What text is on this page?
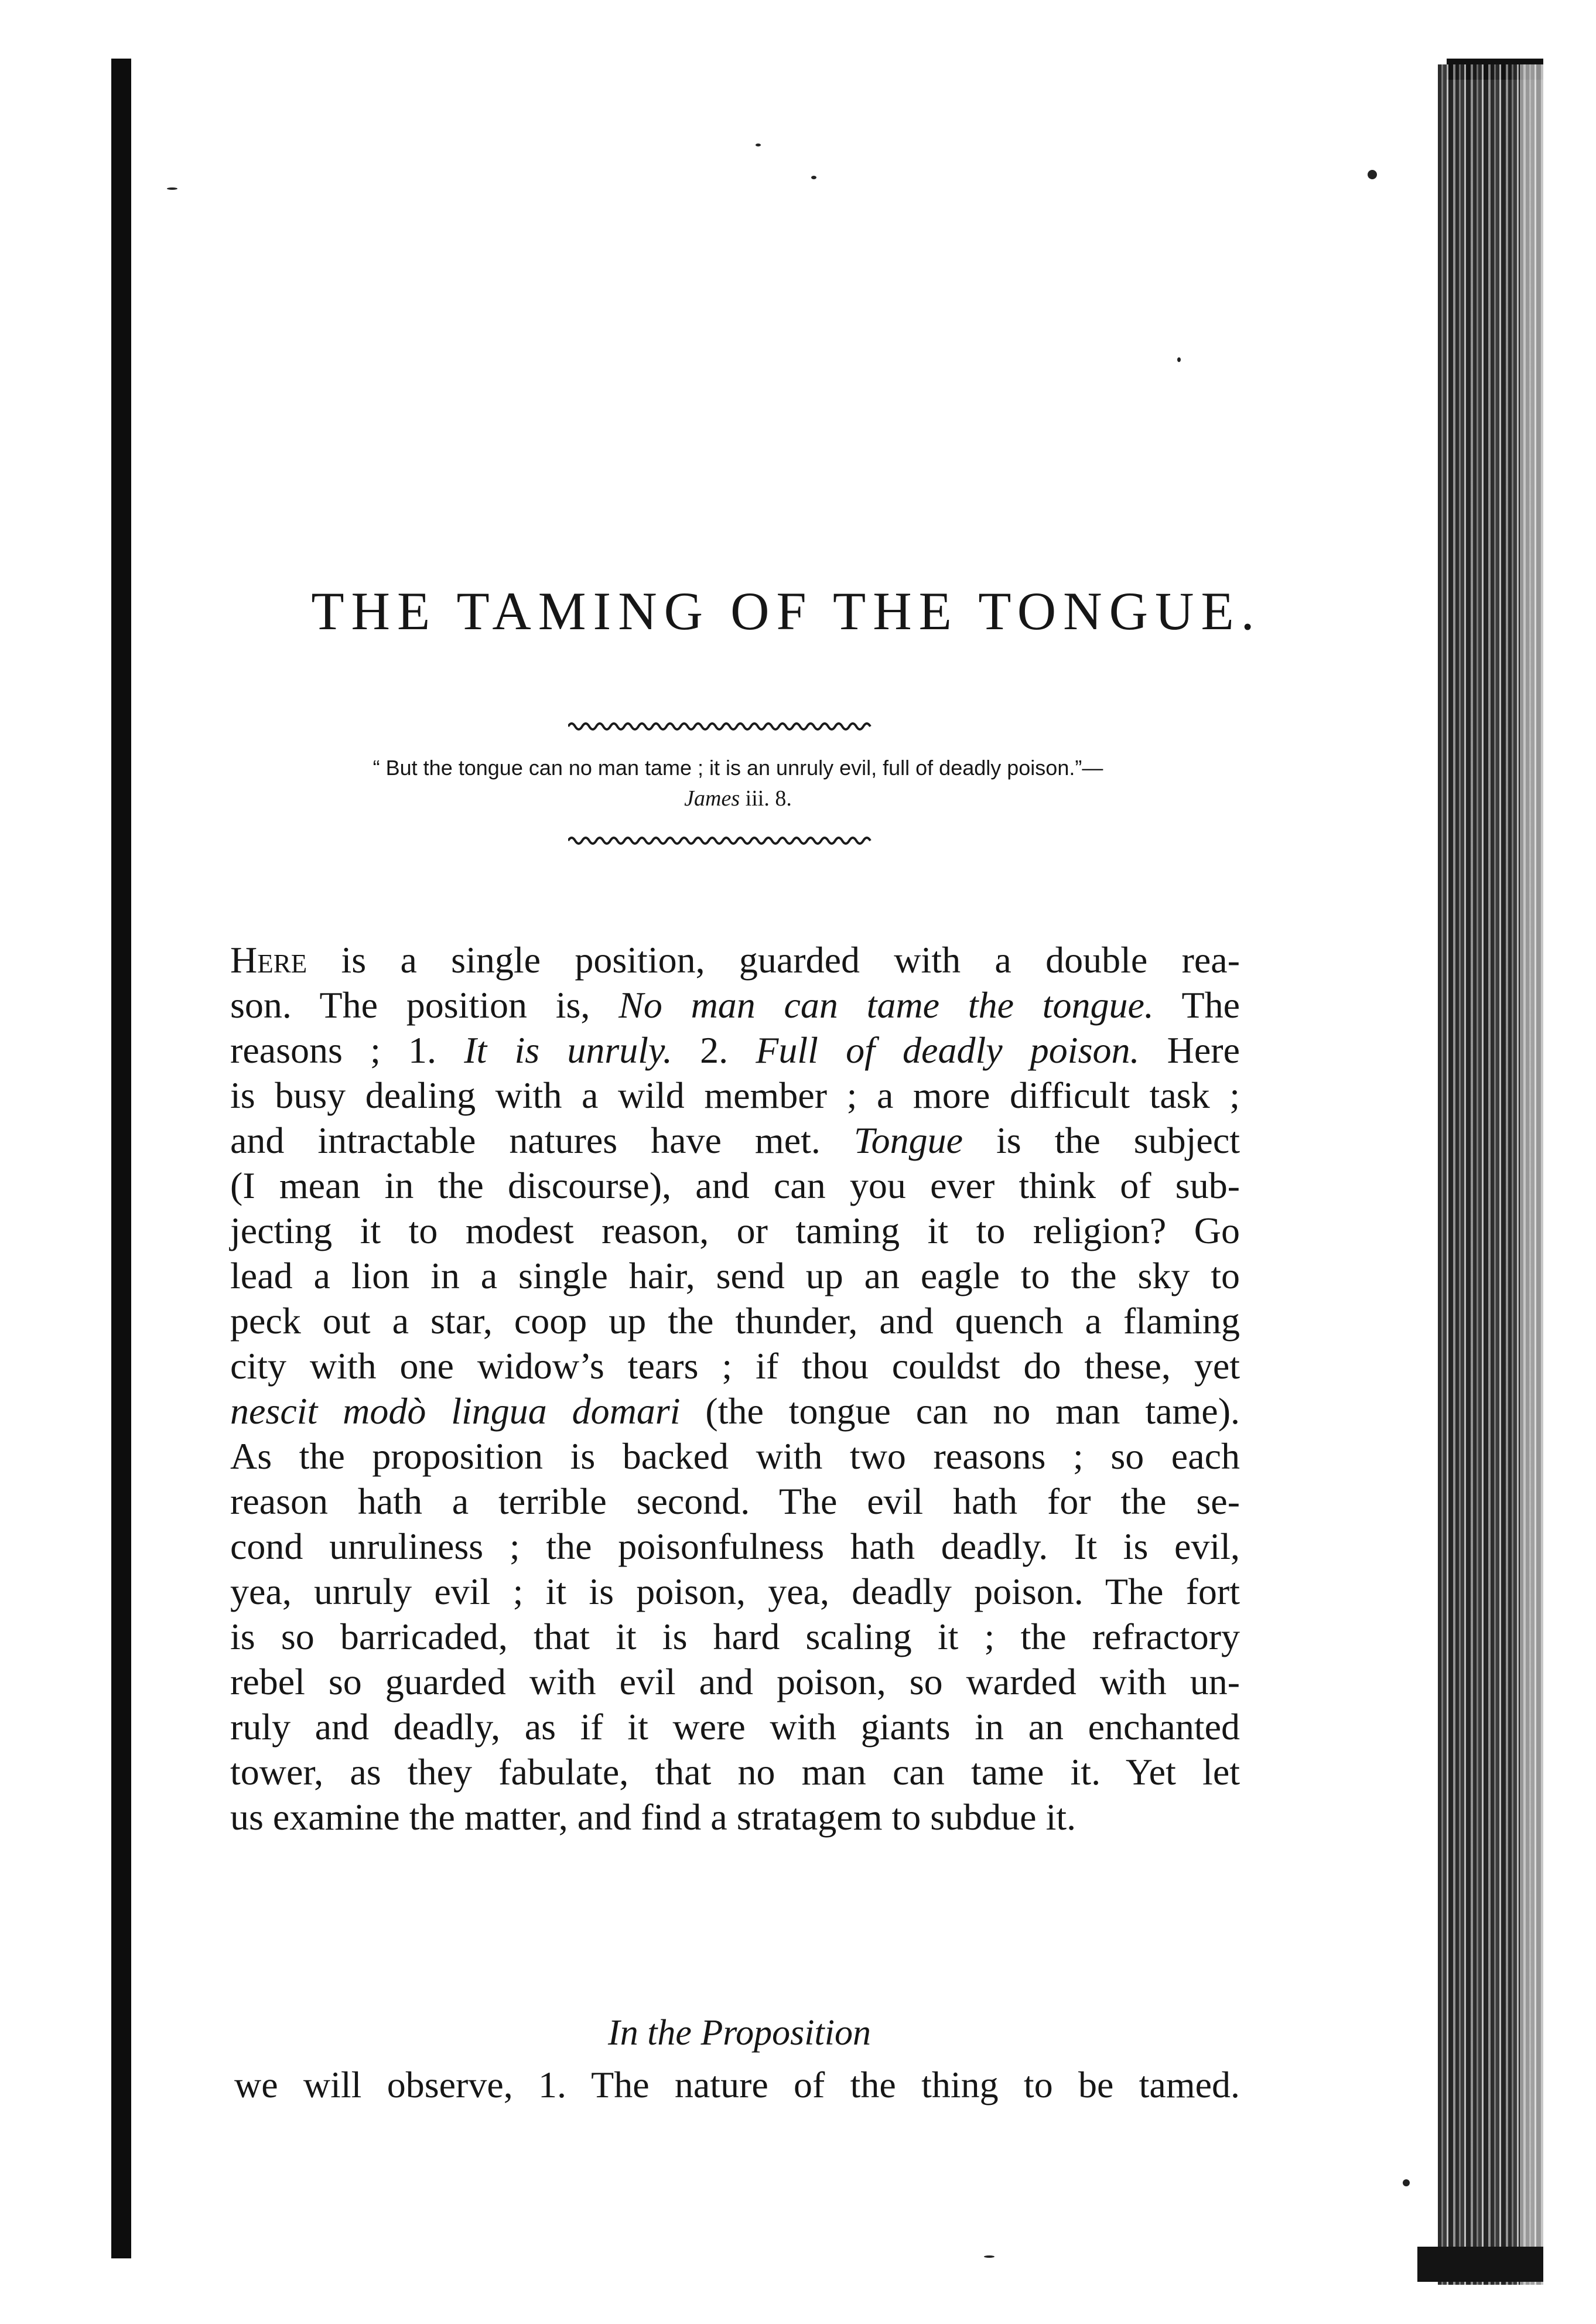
THE TAMING OF THE TONGUE.

“ But the tongue can no man tame ; it is an unruly evil, full of deadly poison.”—
James iii. 8.

Here is a single position, guarded with a double rea-
son. The position is, No man can tame the tongue. The
reasons ; 1. It is unruly. 2. Full of deadly poison. Here
is busy dealing with a wild member ; a more difficult task ;
and intractable natures have met. Tongue is the subject
(I mean in the discourse), and can you ever think of sub-
jecting it to modest reason, or taming it to religion? Go
lead a lion in a single hair, send up an eagle to the sky to
peck out a star, coop up the thunder, and quench a flaming
city with one widow’s tears ; if thou couldst do these, yet
nescit modò lingua domari (the tongue can no man tame).
As the proposition is backed with two reasons ; so each
reason hath a terrible second. The evil hath for the se-
cond unruliness ; the poisonfulness hath deadly. It is evil,
yea, unruly evil ; it is poison, yea, deadly poison. The fort
is so barricaded, that it is hard scaling it ; the refractory
rebel so guarded with evil and poison, so warded with un-
ruly and deadly, as if it were with giants in an enchanted
tower, as they fabulate, that no man can tame it. Yet let
us examine the matter, and find a stratagem to subdue it.

In the Proposition

we will observe, 1. The nature of the thing to be tamed.
